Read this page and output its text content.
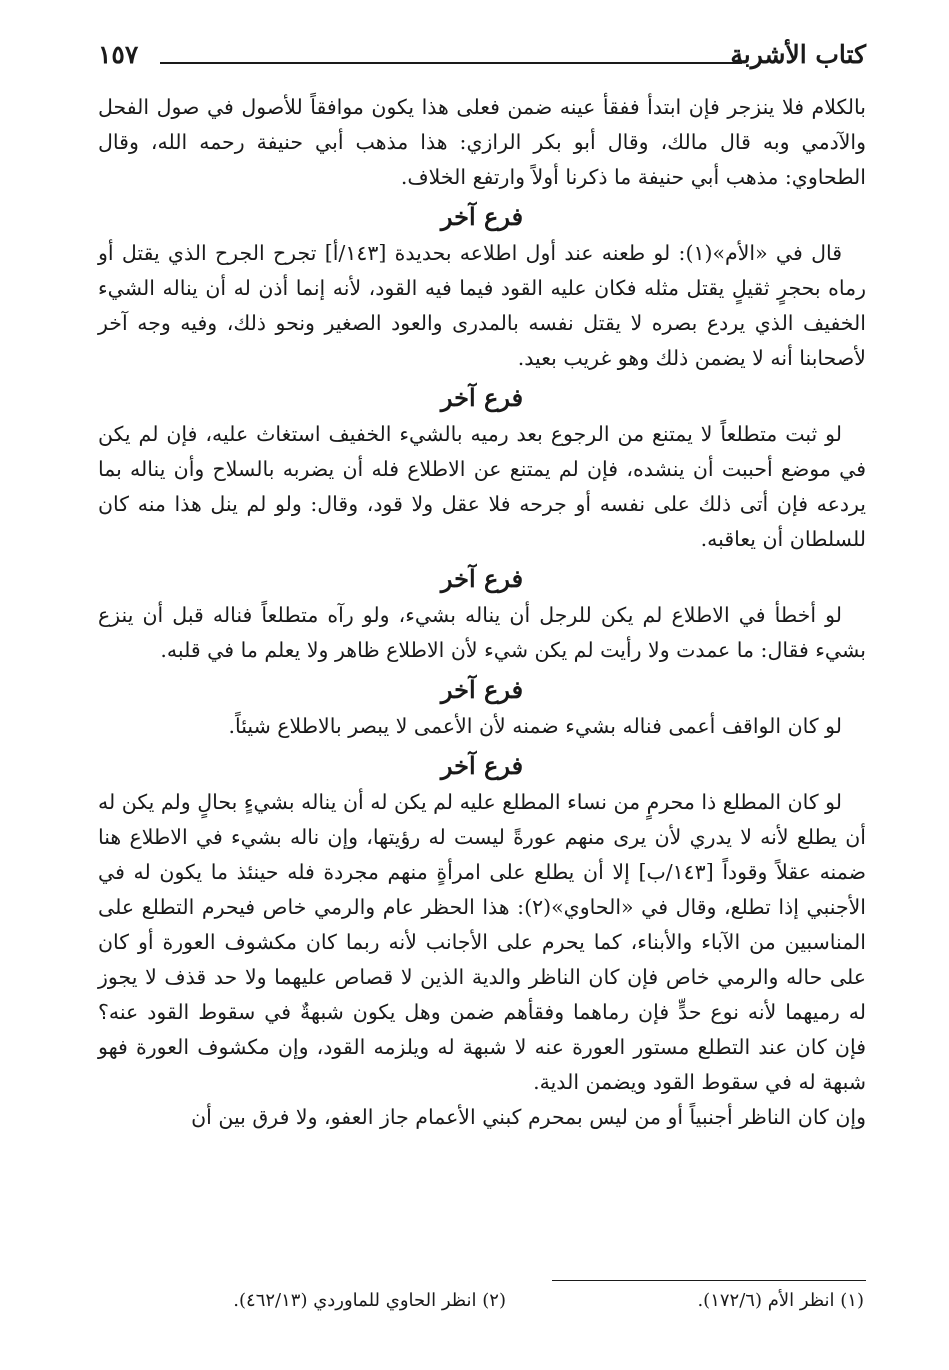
١٥٧	كتاب الأشربة

بالكلام فلا ينزجر فإن ابتدأ ففقأ عينه ضمن فعلى هذا يكون موافقاً للأصول في صول الفحل والآدمي وبه قال مالك، وقال أبو بكر الرازي: هذا مذهب أبي حنيفة رحمه الله، وقال الطحاوي: مذهب أبي حنيفة ما ذكرنا أولاً وارتفع الخلاف.

فرع آخر

قال في «الأم»(١): لو طعنه عند أول اطلاعه بحديدة [١٤٣/أ] تجرح الجرح الذي يقتل أو رماه بحجرٍ ثقيلٍ يقتل مثله فكان عليه القود فيما فيه القود، لأنه إنما أذن له أن يناله الشيء الخفيف الذي يردع بصره لا يقتل نفسه بالمدرى والعود الصغير ونحو ذلك، وفيه وجه آخر لأصحابنا أنه لا يضمن ذلك وهو غريب بعيد.

فرع آخر

لو ثبت متطلعاً لا يمتنع من الرجوع بعد رميه بالشيء الخفيف استغاث عليه، فإن لم يكن في موضع أحببت أن ينشده، فإن لم يمتنع عن الاطلاع فله أن يضربه بالسلاح وأن يناله بما يردعه فإن أتى ذلك على نفسه أو جرحه فلا عقل ولا قود، وقال: ولو لم ينل هذا منه كان للسلطان أن يعاقبه.

فرع آخر

لو أخطأ في الاطلاع لم يكن للرجل أن يناله بشيء، ولو رآه متطلعاً فناله قبل أن ينزع بشيء فقال: ما عمدت ولا رأيت لم يكن شيء لأن الاطلاع ظاهر ولا يعلم ما في قلبه.

فرع آخر

لو كان الواقف أعمى فناله بشيء ضمنه لأن الأعمى لا يبصر بالاطلاع شيئاً.

فرع آخر

لو كان المطلع ذا محرمٍ من نساء المطلع عليه لم يكن له أن يناله بشيءٍ بحالٍ ولم يكن له أن يطلع لأنه لا يدري لأن يرى منهم عورةً ليست له رؤيتها، وإن ناله بشيء في الاطلاع هنا ضمنه عقلاً وقوداً [١٤٣/ب] إلا أن يطلع على امرأةٍ منهم مجردة فله حينئذ ما يكون له في الأجنبي إذا تطلع، وقال في «الحاوي»(٢): هذا الحظر عام والرمي خاص فيحرم التطلع على المناسبين من الآباء والأبناء، كما يحرم على الأجانب لأنه ربما كان مكشوف العورة أو كان على حاله والرمي خاص فإن كان الناظر والدية الذين لا قصاص عليهما ولا حد قذف لا يجوز له رميهما لأنه نوع حدٍّ فإن رماهما وفقأهم ضمن وهل يكون شبهةٌ في سقوط القود عنه؟ فإن كان عند التطلع مستور العورة عنه لا شبهة له ويلزمه القود، وإن مكشوف العورة فهو شبهة له في سقوط القود ويضمن الدية.

وإن كان الناظر أجنبياً أو من ليس بمحرم كبني الأعمام جاز العفو، ولا فرق بين أن

(١) انظر الأم (١٧٢/٦).
(٢) انظر الحاوي للماوردي (٤٦٢/١٣).
